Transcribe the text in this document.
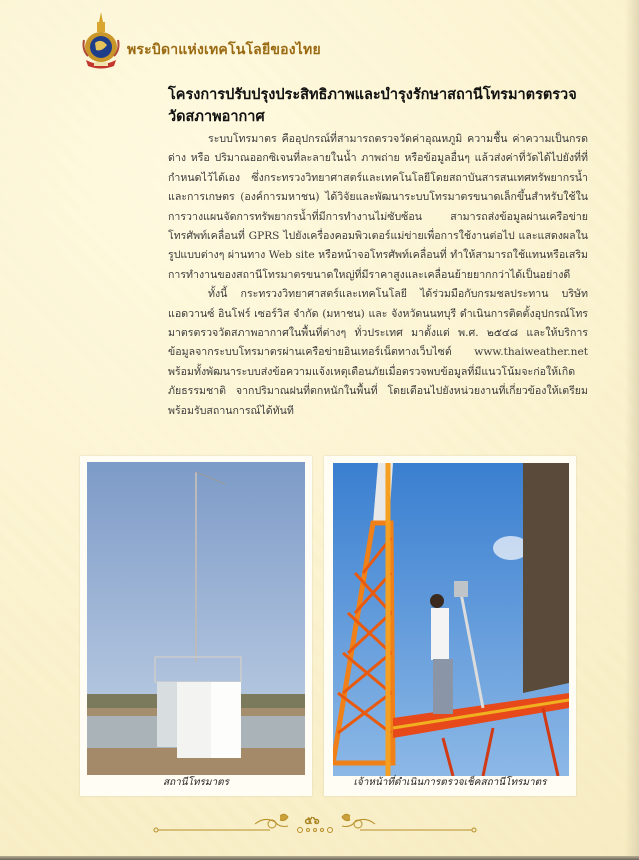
พระบิดาแห่งเทคโนโลยีของไทย
โครงการปรับปรุงประสิทธิภาพและบำรุงรักษาสถานีโทรมาตรตรวจวัดสภาพอากาศ

ระบบโทรมาตร คืออุปกรณ์ที่สามารถตรวจวัดค่าอุณหภูมิ ความชื้น ค่าความเป็นกรดด่าง หรือ ปริมาณออกซิเจนที่ละลายในน้ำ ภาพถ่าย หรือข้อมูลอื่นๆ แล้วส่งค่าที่วัดได้ไปยังที่ที่กำหนดไว้ได้เอง ซึ่งกระทรวงวิทยาศาสตร์และเทคโนโลยีโดยสถาบันสารสนเทศทรัพยากรน้ำและการเกษตร (องค์การมหาชน) ได้วิจัยและพัฒนาระบบโทรมาตรขนาดเล็กขึ้นสำหรับใช้ในการวางแผนจัดการทรัพยากรน้ำที่มีการทำงานไม่ซับซ้อน สามารถส่งข้อมูลผ่านเครือข่ายโทรศัพท์เคลื่อนที่ GPRS ไปยังเครื่องคอมพิวเตอร์แม่ข่ายเพื่อการใช้งานต่อไป และแสดงผลในรูปแบบต่างๆ ผ่านทาง Web site หรือหน้าจอโทรศัพท์เคลื่อนที่ ทำให้สามารถใช้แทนหรือเสริมการทำงานของสถานีโทรมาตรขนาดใหญ่ที่มีราคาสูงและเคลื่อนย้ายยากกว่าได้เป็นอย่างดี

ทั้งนี้ กระทรวงวิทยาศาสตร์และเทคโนโลยี ได้ร่วมมือกับกรมชลประทาน บริษัท แอดวานซ์ อินโฟร์ เซอร์วิส จำกัด (มหาชน) และ จังหวัดนนทบุรี ดำเนินการติดตั้งอุปกรณ์โทรมาตรตรวจวัดสภาพอากาศในพื้นที่ต่างๆ ทั่วประเทศ มาตั้งแต่ พ.ศ. ๒๕๔๘ และให้บริการข้อมูลจากระบบโทรมาตรผ่านเครือข่ายอินเทอร์เน็ตทางเว็บไซต์ www.thaiweather.net พร้อมทั้งพัฒนาระบบส่งข้อความแจ้งเหตุเตือนภัยเมื่อตรวจพบข้อมูลที่มีแนวโน้มจะก่อให้เกิดภัยธรรมชาติ จากปริมาณฝนที่ตกหนักในพื้นที่ โดยเตือนไปยังหน่วยงานที่เกี่ยวข้องให้เตรียมพร้อมรับสถานการณ์ได้ทันที

สถานีโทรมาตร	เจ้าหน้าที่ดำเนินการตรวจเช็คสถานีโทรมาตร
๕๖
